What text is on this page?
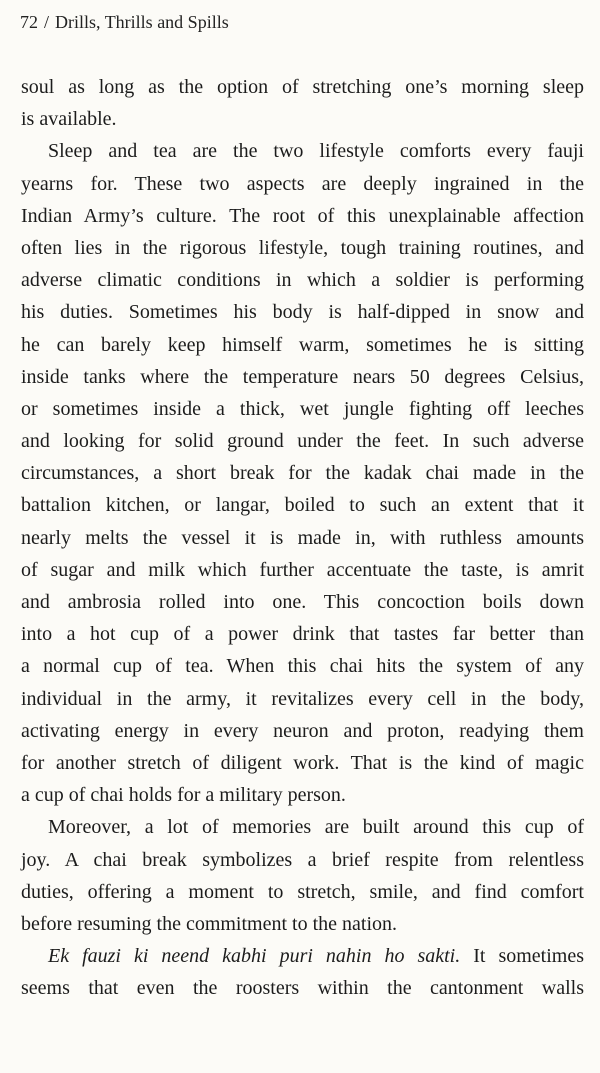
72 / Drills, Thrills and Spills
soul as long as the option of stretching one’s morning sleep
is available.
Sleep and tea are the two lifestyle comforts every fauji
yearns for. These two aspects are deeply ingrained in the
Indian Army’s culture. The root of this unexplainable affection
often lies in the rigorous lifestyle, tough training routines, and
adverse climatic conditions in which a soldier is performing
his duties. Sometimes his body is half-dipped in snow and
he can barely keep himself warm, sometimes he is sitting
inside tanks where the temperature nears 50 degrees Celsius,
or sometimes inside a thick, wet jungle fighting off leeches
and looking for solid ground under the feet. In such adverse
circumstances, a short break for the kadak chai made in the
battalion kitchen, or langar, boiled to such an extent that it
nearly melts the vessel it is made in, with ruthless amounts
of sugar and milk which further accentuate the taste, is amrit
and ambrosia rolled into one. This concoction boils down
into a hot cup of a power drink that tastes far better than
a normal cup of tea. When this chai hits the system of any
individual in the army, it revitalizes every cell in the body,
activating energy in every neuron and proton, readying them
for another stretch of diligent work. That is the kind of magic
a cup of chai holds for a military person.
Moreover, a lot of memories are built around this cup of
joy. A chai break symbolizes a brief respite from relentless
duties, offering a moment to stretch, smile, and find comfort
before resuming the commitment to the nation.
Ek fauzi ki neend kabhi puri nahin ho sakti. It sometimes
seems that even the roosters within the cantonment walls
